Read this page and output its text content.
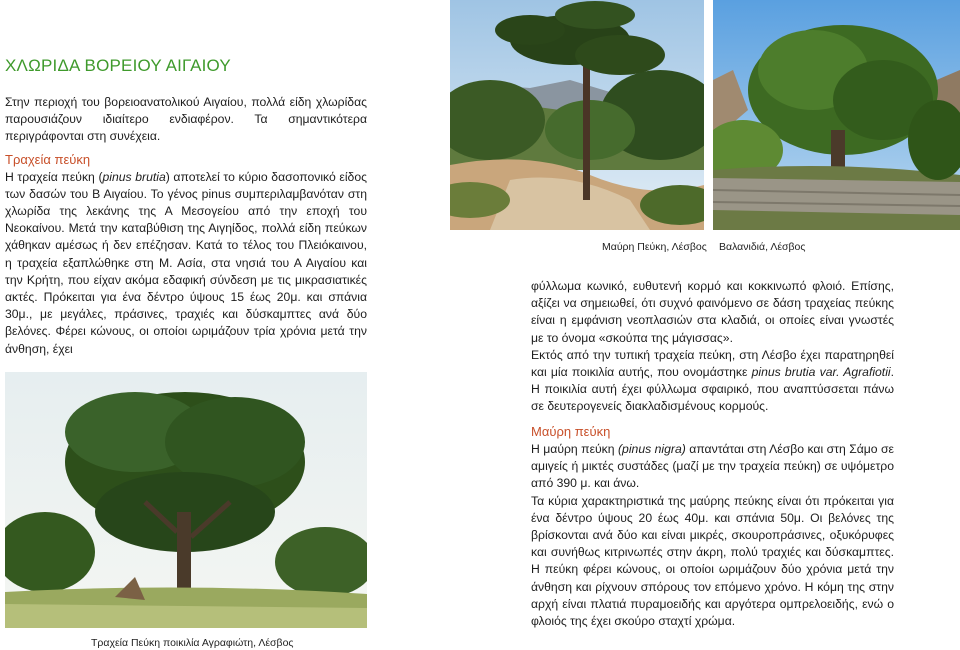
ΧΛΩΡΙΔΑ ΒΟΡΕΙΟΥ ΑΙΓΑΙΟΥ

Στην περιοχή του βορειοανατολικού Αιγαίου, πολλά είδη χλωρίδας παρουσιάζουν ιδιαίτερο ενδιαφέρον. Τα σημαντικότερα περιγράφονται στη συνέχεια.

Τραχεία πεύκη

Η τραχεία πεύκη (pinus brutia) αποτελεί το κύριο δασοπονικό είδος των δασών του Β Αιγαίου. Το γένος pinus συμπεριλαμβανόταν στη χλωρίδα της λεκάνης της Α Μεσογείου από την εποχή του Νεοκαίνου. Μετά την καταβύθιση της Αιγηίδος, πολλά είδη πεύκων χάθηκαν αμέσως ή δεν επέζησαν. Κατά το τέλος του Πλειόκαινου, η τραχεία εξαπλώθηκε στη Μ. Ασία, στα νησιά του Α Αιγαίου και την Κρήτη, που είχαν ακόμα εδαφική σύνδεση με τις μικρασιατικές ακτές. Πρόκειται για ένα δέντρο ύψους 15 έως 20μ. και σπάνια 30μ., με μεγάλες, πράσινες, τραχιές και δύσκαμπτες ανά δύο βελόνες. Φέρει κώνους, οι οποίοι ωριμάζουν τρία χρόνια μετά την άνθηση, έχει

Μαύρη Πεύκη, Λέσβος Βαλανιδιά, Λέσβος

φύλλωμα κωνικό, ευθυτενή κορμό και κοκκινωπό φλοιό. Επίσης, αξίζει να σημειωθεί, ότι συχνό φαινόμενο σε δάση τραχείας πεύκης είναι η εμφάνιση νεοπλασιών στα κλαδιά, οι οποίες είναι γνωστές με το όνομα «σκούπα της μάγισσας».

Εκτός από την τυπική τραχεία πεύκη, στη Λέσβο έχει παρατηρηθεί και μία ποικιλία αυτής, που ονομάστηκε pinus brutia var. Agrafiotii. Η ποικιλία αυτή έχει φύλλωμα σφαιρικό, που αναπτύσσεται πάνω σε δευτερογενείς διακλαδισμένους κορμούς.

Μαύρη πεύκη

Η μαύρη πεύκη (pinus nigra) απαντάται στη Λέσβο και στη Σάμο σε αμιγείς ή μικτές συστάδες (μαζί με την τραχεία πεύκη) σε υψόμετρο από 390 μ. και άνω.

Τα κύρια χαρακτηριστικά της μαύρης πεύκης είναι ότι πρόκειται για ένα δέντρο ύψους 20 έως 40μ. και σπάνια 50μ. Οι βελόνες της βρίσκονται ανά δύο και είναι μικρές, σκουροπράσινες, οξυκόρυφες και συνήθως κιτρινωπές στην άκρη, πολύ τραχιές και δύσκαμπτες. Η πεύκη φέρει κώνους, οι οποίοι ωριμάζουν δύο χρόνια μετά την άνθηση και ρίχνουν σπόρους τον επόμενο χρόνο. Η κόμη της στην αρχή είναι πλατιά πυραμοειδής και αργότερα ομπρελοειδής, ενώ ο φλοιός της έχει σκούρο σταχτί χρώμα.

Τραχεία Πεύκη ποικιλία Αγραφιώτη, Λέσβος
